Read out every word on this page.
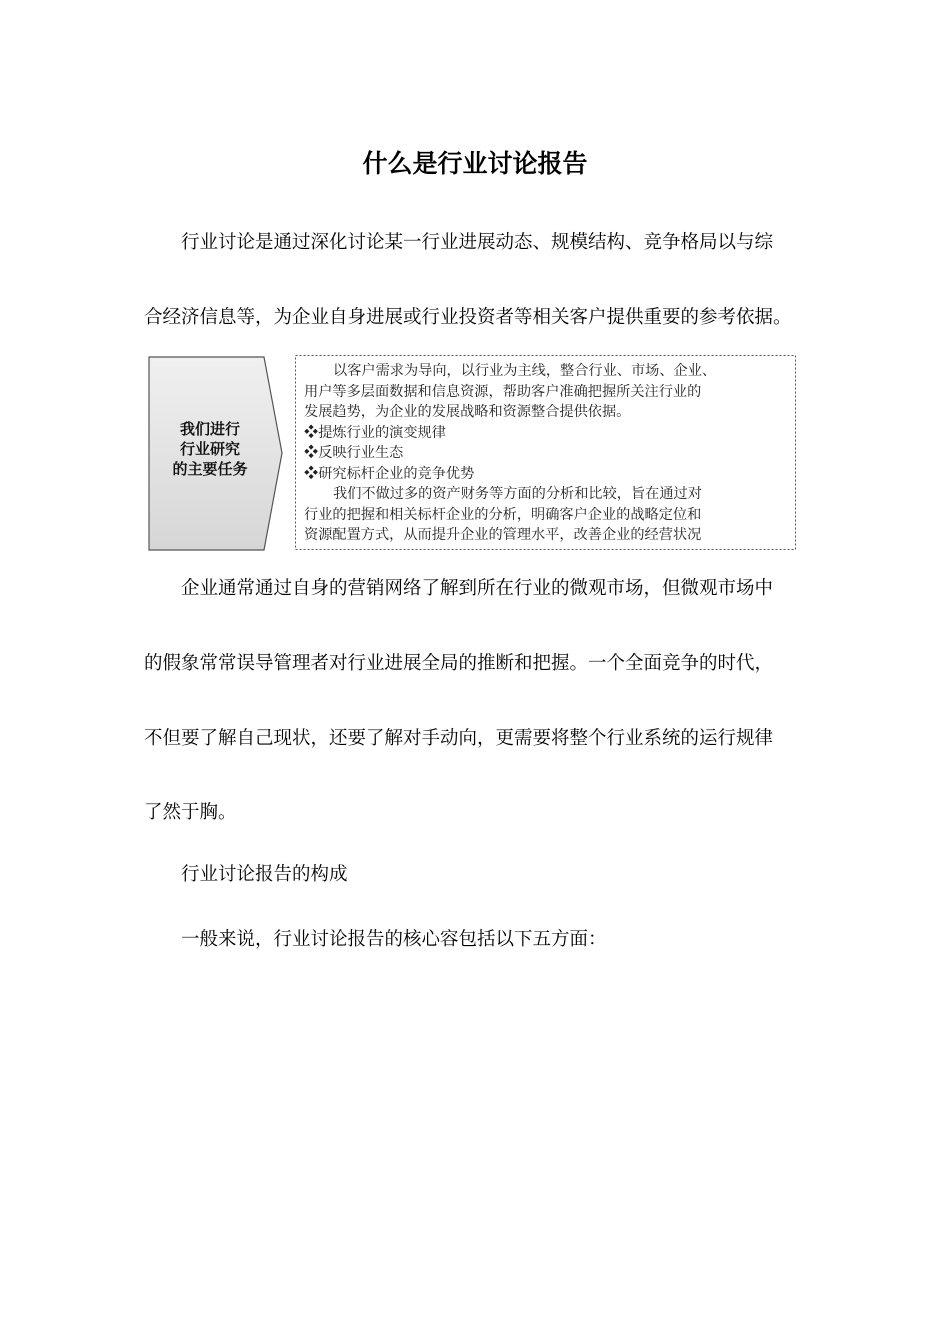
什么是行业讨论报告
行业讨论是通过深化讨论某一行业进展动态、规模结构、竞争格局以与综
合经济信息等，为企业自身进展或行业投资者等相关客户提供重要的参考依据。
我们进行
行业研究
的主要任务
以客户需求为导向，以行业为主线，整合行业、市场、企业、
用户等多层面数据和信息资源，帮助客户准确把握所关注行业的
发展趋势，为企业的发展战略和资源整合提供依据。
❖提炼行业的演变规律
❖反映行业生态
❖研究标杆企业的竞争优势
我们不做过多的资产财务等方面的分析和比较，旨在通过对
行业的把握和相关标杆企业的分析，明确客户企业的战略定位和
资源配置方式，从而提升企业的管理水平，改善企业的经营状况
企业通常通过自身的营销网络了解到所在行业的微观市场，但微观市场中
的假象常常误导管理者对行业进展全局的推断和把握。一个全面竞争的时代，
不但要了解自己现状，还要了解对手动向，更需要将整个行业系统的运行规律
了然于胸。
行业讨论报告的构成
一般来说，行业讨论报告的核心容包括以下五方面：
